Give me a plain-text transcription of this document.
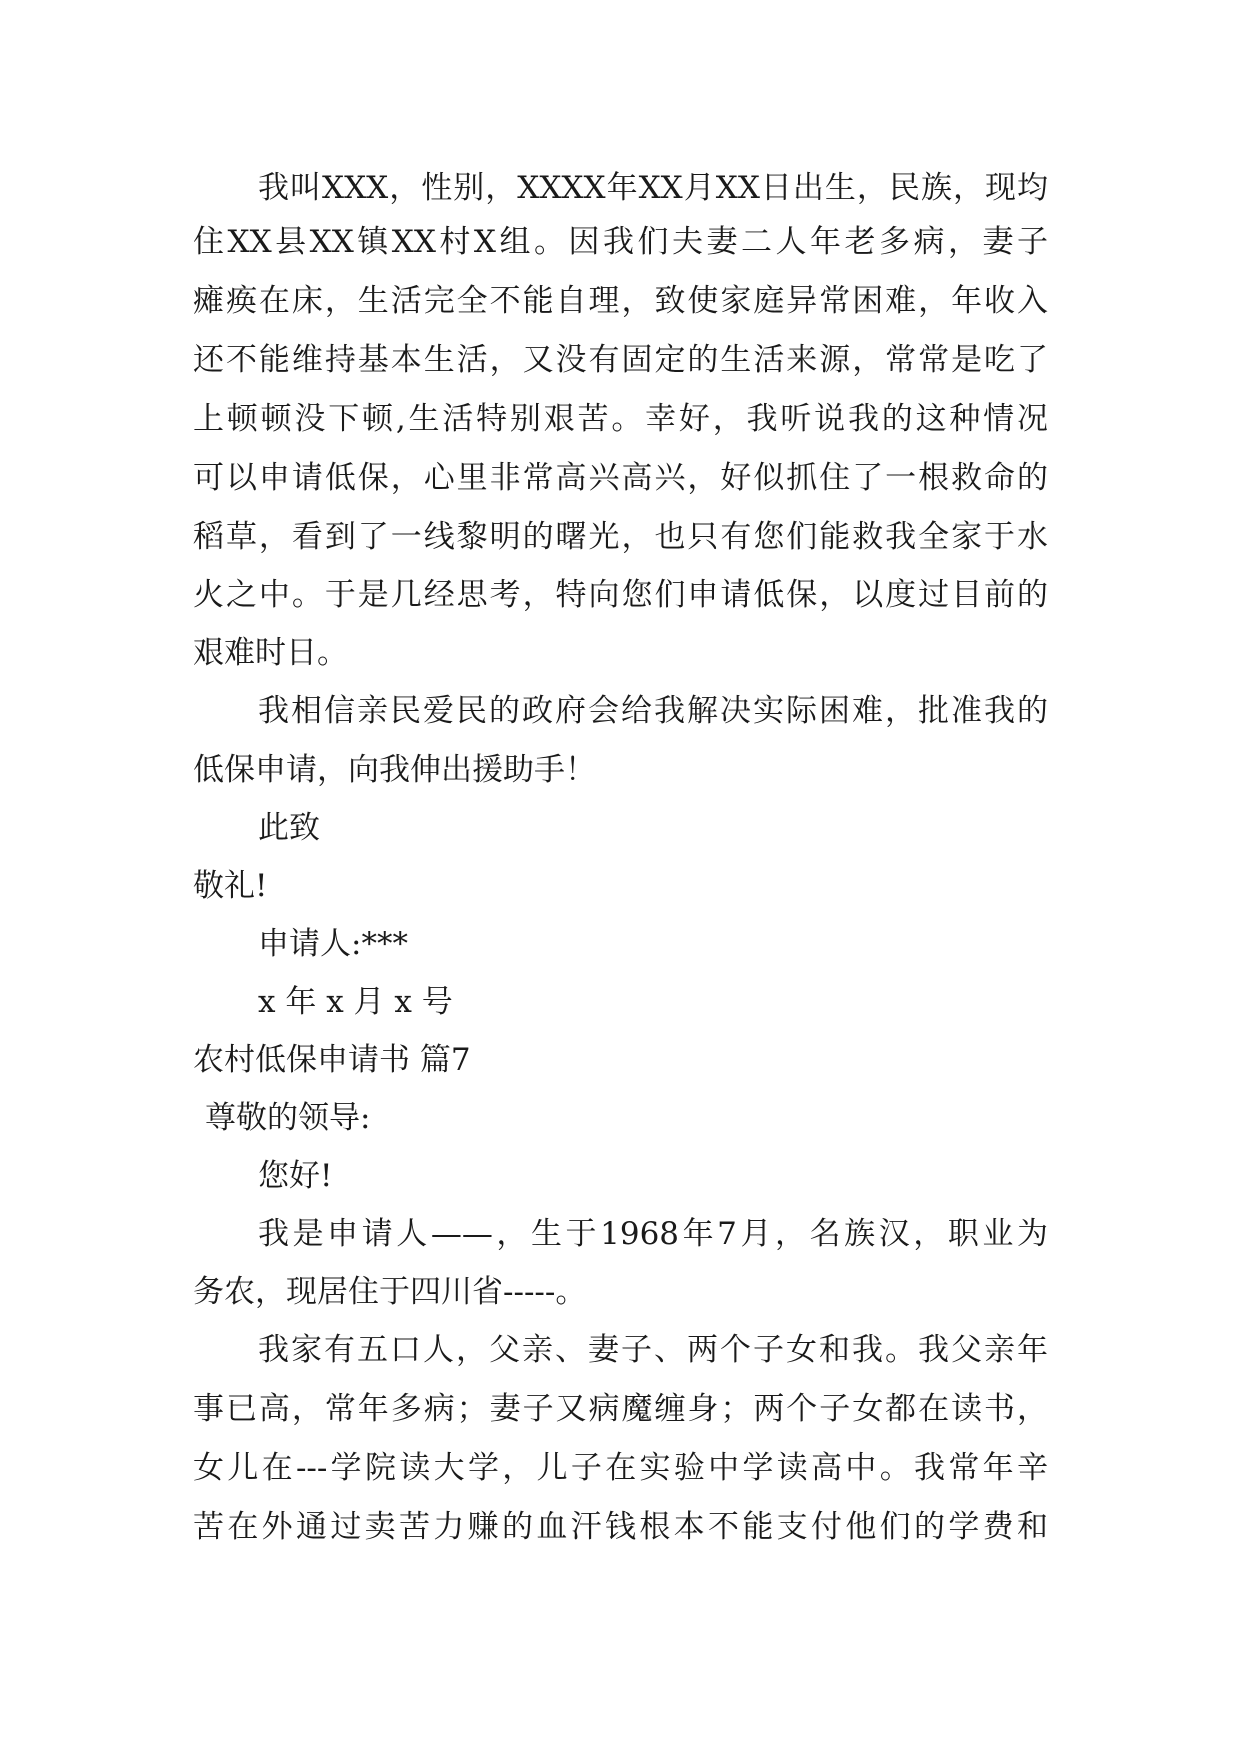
我叫XXX，性别，XXXX年XX月XX日出生，民族，现均
住XX县XX镇XX村X组。因我们夫妻二人年老多病，妻子
瘫痪在床，生活完全不能自理，致使家庭异常困难，年收入
还不能维持基本生活，又没有固定的生活来源，常常是吃了
上顿顿没下顿,生活特别艰苦。幸好，我听说我的这种情况
可以申请低保，心里非常高兴高兴，好似抓住了一根救命的
稻草，看到了一线黎明的曙光，也只有您们能救我全家于水
火之中。于是几经思考，特向您们申请低保，以度过目前的
艰难时日。
我相信亲民爱民的政府会给我解决实际困难，批准我的
低保申请，向我伸出援助手！
此致
敬礼!
申请人:***
x 年 x 月 x 号
农村低保申请书 篇7
尊敬的领导:
您好!
我是申请人——，生于1968年7月，名族汉，职业为
务农，现居住于四川省-----。
我家有五口人，父亲、妻子、两个子女和我。我父亲年
事已高，常年多病；妻子又病魔缠身；两个子女都在读书，
女儿在---学院读大学，儿子在实验中学读高中。我常年辛
苦在外通过卖苦力赚的血汗钱根本不能支付他们的学费和
